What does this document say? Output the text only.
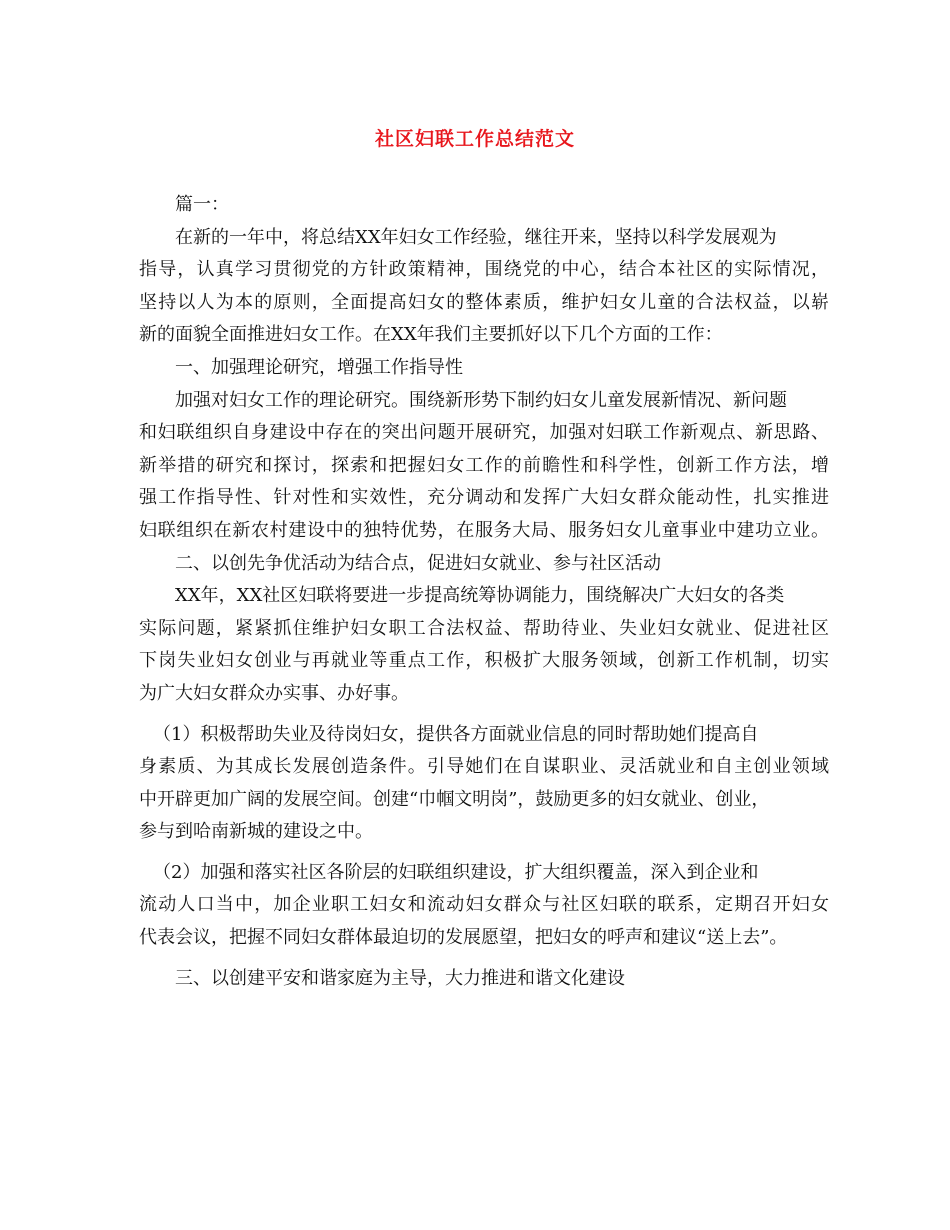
社区妇联工作总结范文
篇一：
在新的一年中，将总结XX年妇女工作经验，继往开来，坚持以科学发展观为
指导，认真学习贯彻党的方针政策精神，围绕党的中心，结合本社区的实际情况，
坚持以人为本的原则，全面提高妇女的整体素质，维护妇女儿童的合法权益，以崭
新的面貌全面推进妇女工作。在XX年我们主要抓好以下几个方面的工作：
一、加强理论研究，增强工作指导性
加强对妇女工作的理论研究。围绕新形势下制约妇女儿童发展新情况、新问题
和妇联组织自身建设中存在的突出问题开展研究，加强对妇联工作新观点、新思路、
新举措的研究和探讨，探索和把握妇女工作的前瞻性和科学性，创新工作方法，增
强工作指导性、针对性和实效性，充分调动和发挥广大妇女群众能动性，扎实推进
妇联组织在新农村建设中的独特优势，在服务大局、服务妇女儿童事业中建功立业。
二、以创先争优活动为结合点，促进妇女就业、参与社区活动
XX年，XX社区妇联将要进一步提高统筹协调能力，围绕解决广大妇女的各类
实际问题，紧紧抓住维护妇女职工合法权益、帮助待业、失业妇女就业、促进社区
下岗失业妇女创业与再就业等重点工作，积极扩大服务领域，创新工作机制，切实
为广大妇女群众办实事、办好事。
（1）积极帮助失业及待岗妇女，提供各方面就业信息的同时帮助她们提高自
身素质、为其成长发展创造条件。引导她们在自谋职业、灵活就业和自主创业领域
中开辟更加广阔的发展空间。创建“巾帼文明岗”，鼓励更多的妇女就业、创业，
参与到哈南新城的建设之中。
（2）加强和落实社区各阶层的妇联组织建设，扩大组织覆盖，深入到企业和
流动人口当中，加企业职工妇女和流动妇女群众与社区妇联的联系，定期召开妇女
代表会议，把握不同妇女群体最迫切的发展愿望，把妇女的呼声和建议“送上去”。
三、以创建平安和谐家庭为主导，大力推进和谐文化建设
